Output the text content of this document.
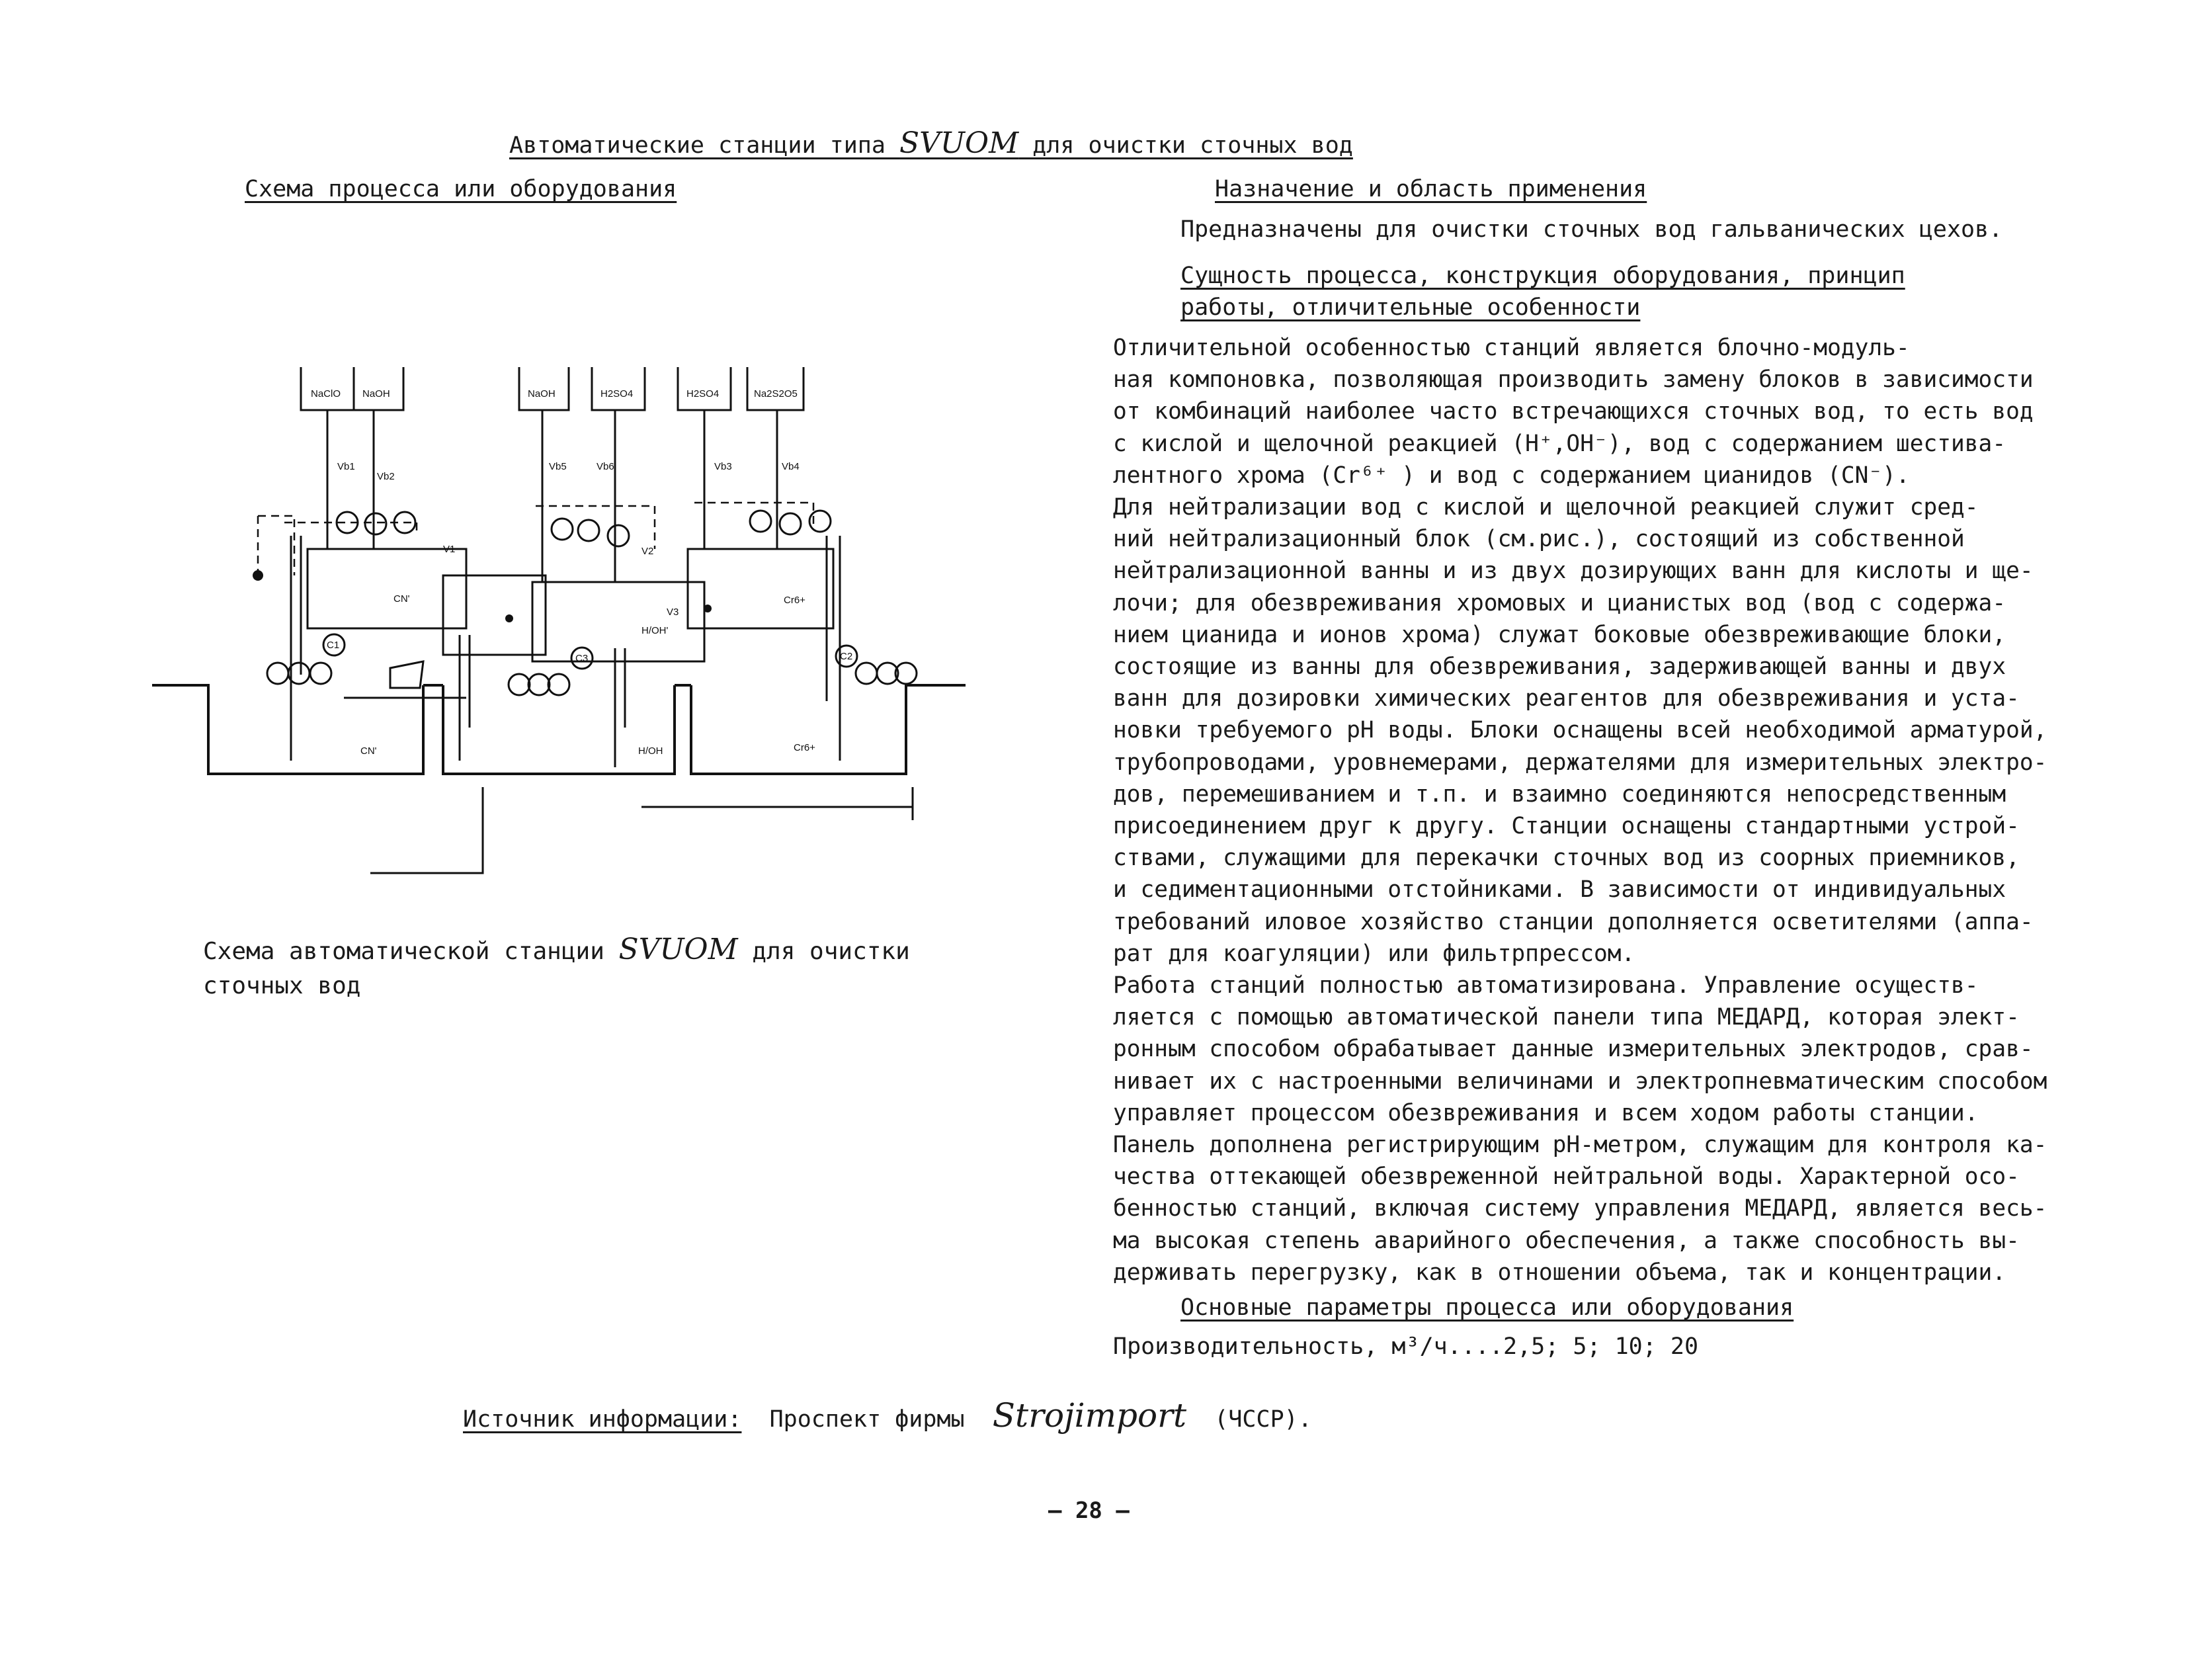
Автоматические станции типа SVUOM для очистки сточных вод
Схема процесса или оборудования	Назначение и область применения
Предназначены для очистки сточных вод гальванических цехов.
Сущность процесса, конструкция оборудования, принцип
работы, отличительные особенности

Отличительной особенностью станций является блочно-модуль-

ная компоновка, позволяющая производить замену блоков в зависимости

от комбинаций наиболее часто встречающихся сточных вод, то есть вод

с кислой и щелочной реакцией (H⁺,OH⁻), вод с содержанием шестива-

лентного хрома (Cr⁶⁺ ) и вод с содержанием цианидов (CN⁻).

Для нейтрализации вод с кислой и щелочной реакцией служит сред-

ний нейтрализационный блок (см.рис.), состоящий из собственной

нейтрализационной ванны и из двух дозирующих ванн для кислоты и ще-

лочи; для обезвреживания хромовых и цианистых вод (вод с содержа-

нием цианида и ионов хрома) служат боковые обезвреживающие блоки,

состоящие из ванны для обезвреживания, задерживающей ванны и двух

ванн для дозировки химических реагентов для обезвреживания и уста-

новки требуемого pH воды. Блоки оснащены всей необходимой арматурой,

трубопроводами, уровнемерами, держателями для измерительных электро-

дов, перемешиванием и т.п. и взаимно соединяются непосредственным

присоединением друг к другу. Станции оснащены стандартными устрой-

ствами, служащими для перекачки сточных вод из соорных приемников,

и седиментационными отстойниками. В зависимости от индивидуальных

требований иловое хозяйство станции дополняется осветителями (аппа-

рат для коагуляции) или фильтрпрессом.

Работа станций полностью автоматизирована. Управление осуществ-

ляется с помощью автоматической панели типа МЕДАРД, которая элект-

ронным способом обрабатывает данные измерительных электродов, срав-

нивает их с настроенными величинами и электропневматическим способом

управляет процессом обезвреживания и всем ходом работы станции.

Панель дополнена регистрирующим pH-метром, служащим для контроля ка-

чества оттекающей обезвреженной нейтральной воды. Характерной осо-

бенностью станций, включая систему управления МЕДАРД, является весь-

ма высокая степень аварийного обеспечения, а также способность вы-

держивать перегрузку, как в отношении объема, так и концентрации.

Основные параметры процесса или оборудования
Производительность, м³/ч....2,5; 5; 10; 20
Схема автоматической станции SVUOM для очистки
сточных вод
Источник информации: Проспект фирмы Strojimport (ЧССР).
— 28 —
NaClO NaOH	NaOH	H2SO4	H2SO4	Na2S2O5
Vb1
Vb2
Vb5	Vb6	Vb3	Vb4
V1	V2
V3
C1
C2
C3
CN'
H/OH'
Cr6+
CN'	H/OH	Cr6+
